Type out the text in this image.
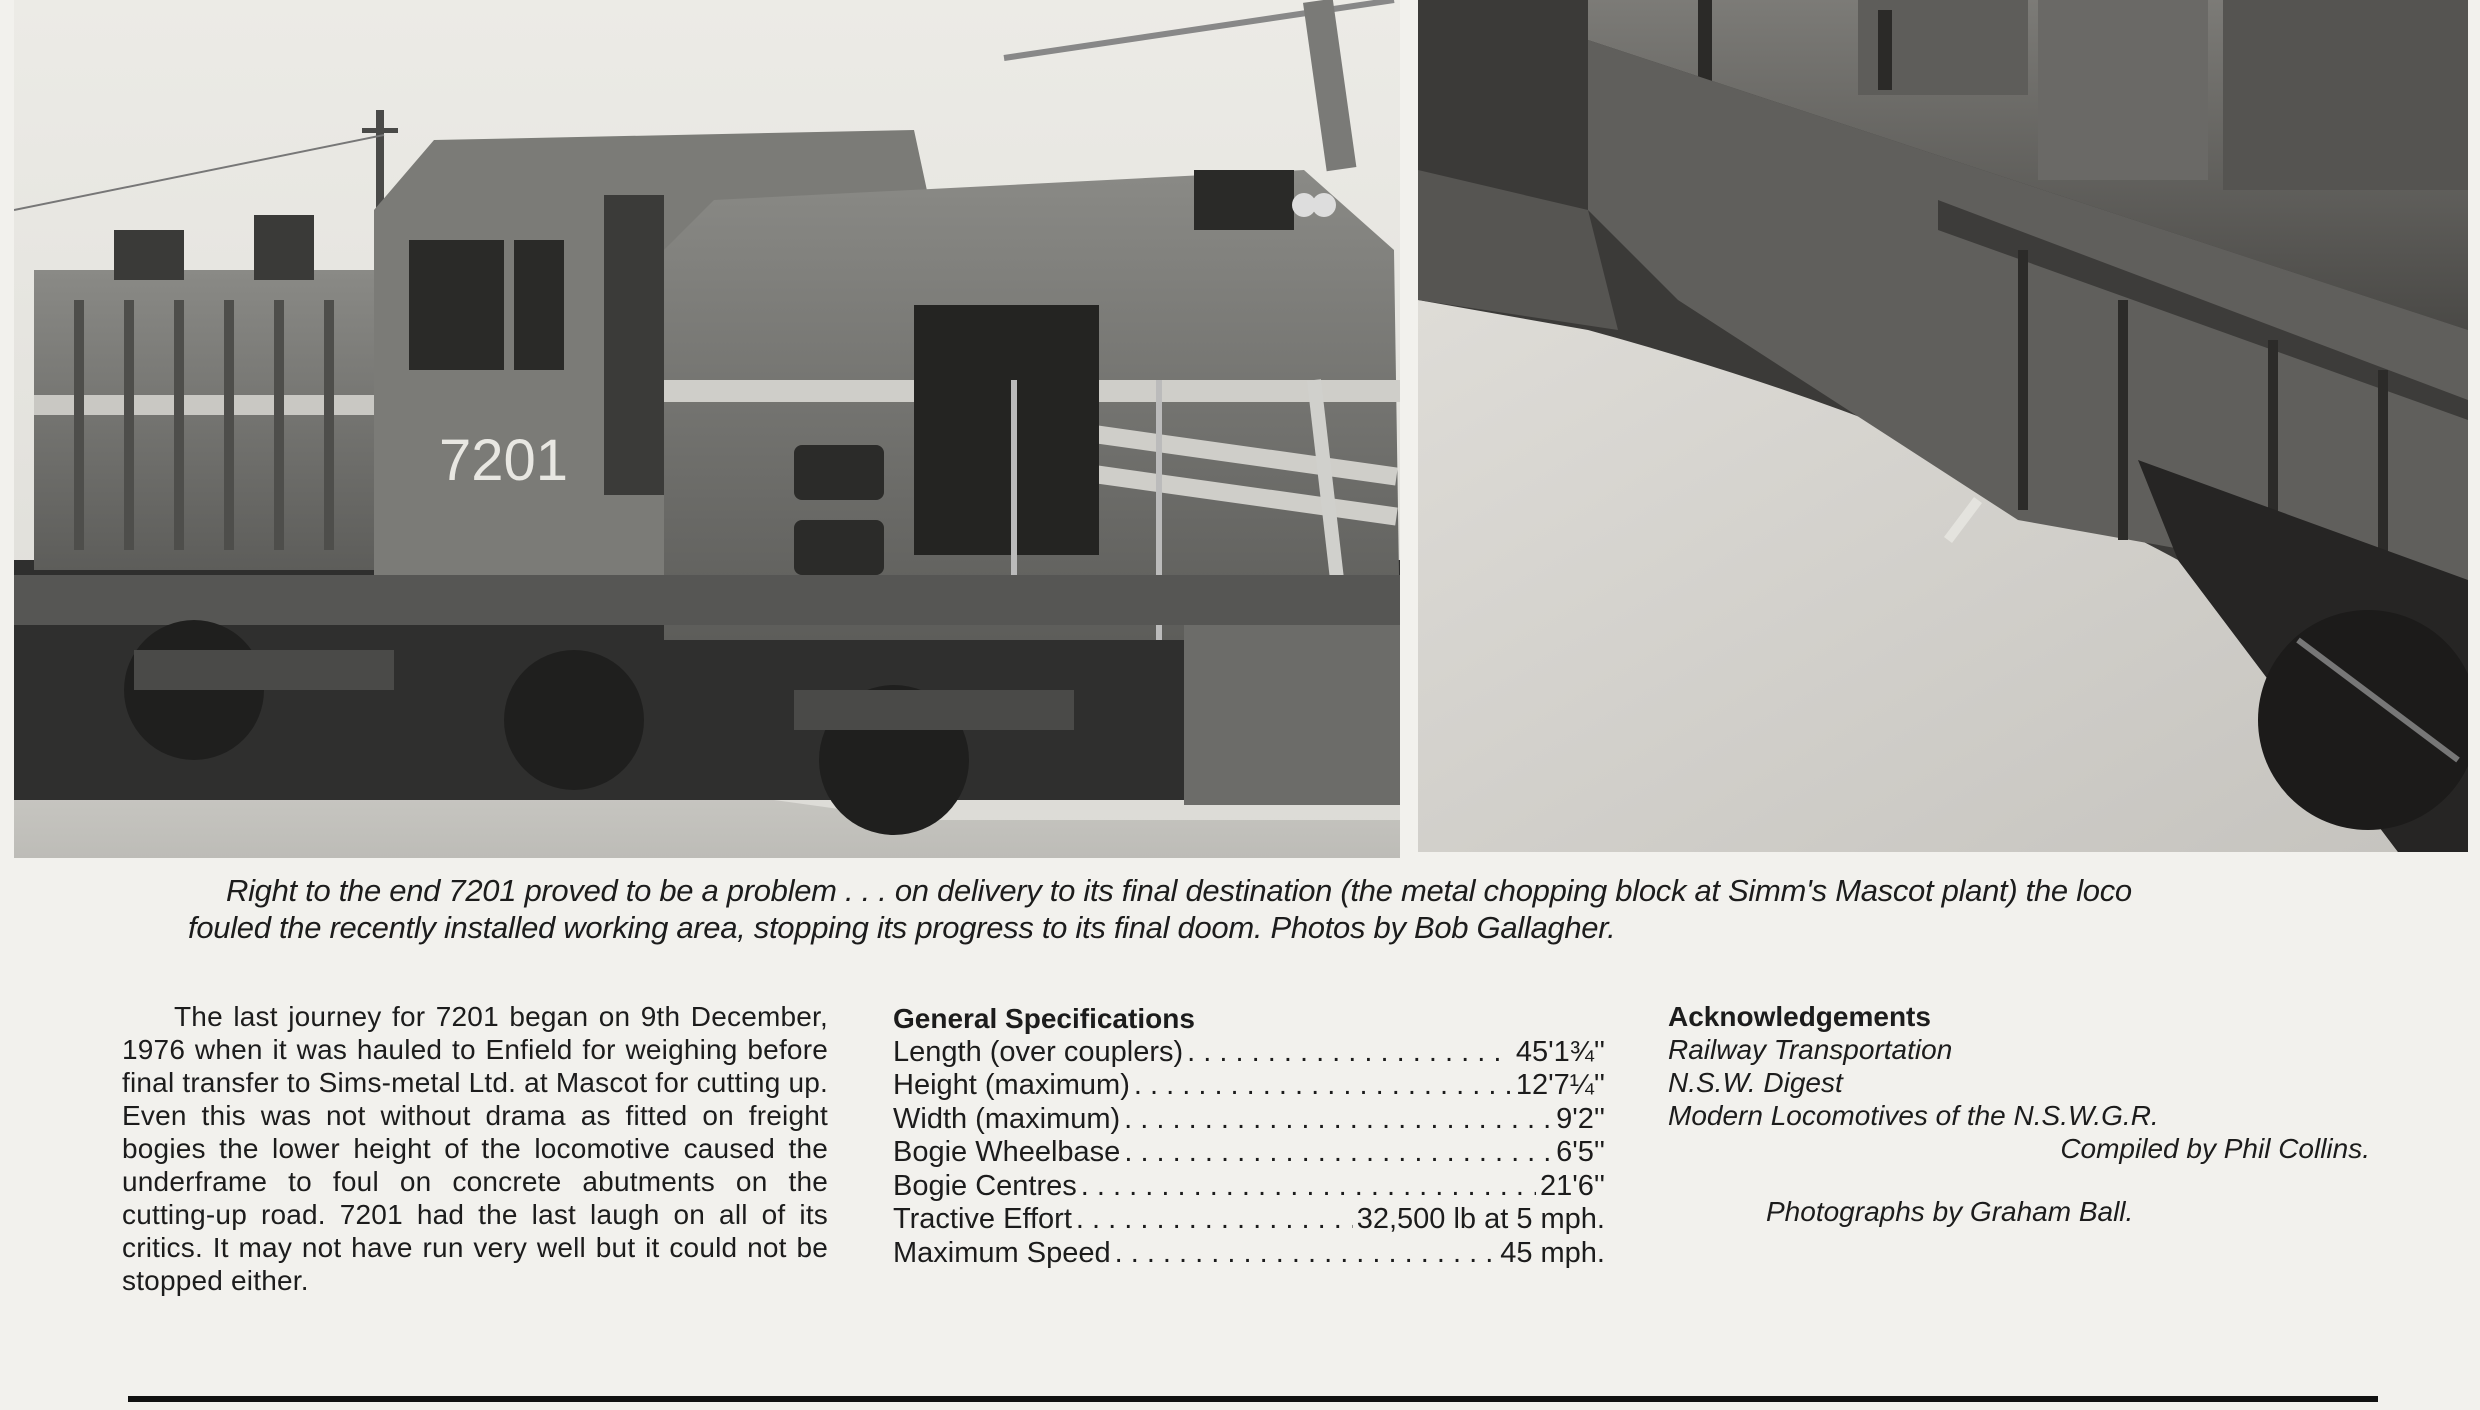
7201

Right to the end 7201 proved to be a problem . . . on delivery to its final destination (the metal chopping block at Simm's Mascot plant) the loco
fouled the recently installed working area, stopping its progress to its final doom. Photos by Bob Gallagher.

The last journey for 7201 began on 9th December, 1976 when it was hauled to Enfield for weighing before final transfer to Sims-metal Ltd. at Mascot for cutting up. Even this was not without drama as fitted on freight bogies the lower height of the locomotive caused the underframe to foul on concrete abutments on the cutting-up road. 7201 had the last laugh on all of its critics. It may not have run very well but it could not be stopped either.

General Specifications
Length (over couplers) . . .	45'1¾''
Height (maximum) . . .	12'7¼''
Width (maximum) . . .	9'2''
Bogie Wheelbase . . .	6'5''
Bogie Centres . . .	21'6''
Tractive Effort . . .	32,500 lb at 5 mph.
Maximum Speed . . .	45 mph.
Acknowledgements
Railway Transportation
N.S.W. Digest
Modern Locomotives of the N.S.W.G.R.
Compiled by Phil Collins.
Photographs by Graham Ball.
